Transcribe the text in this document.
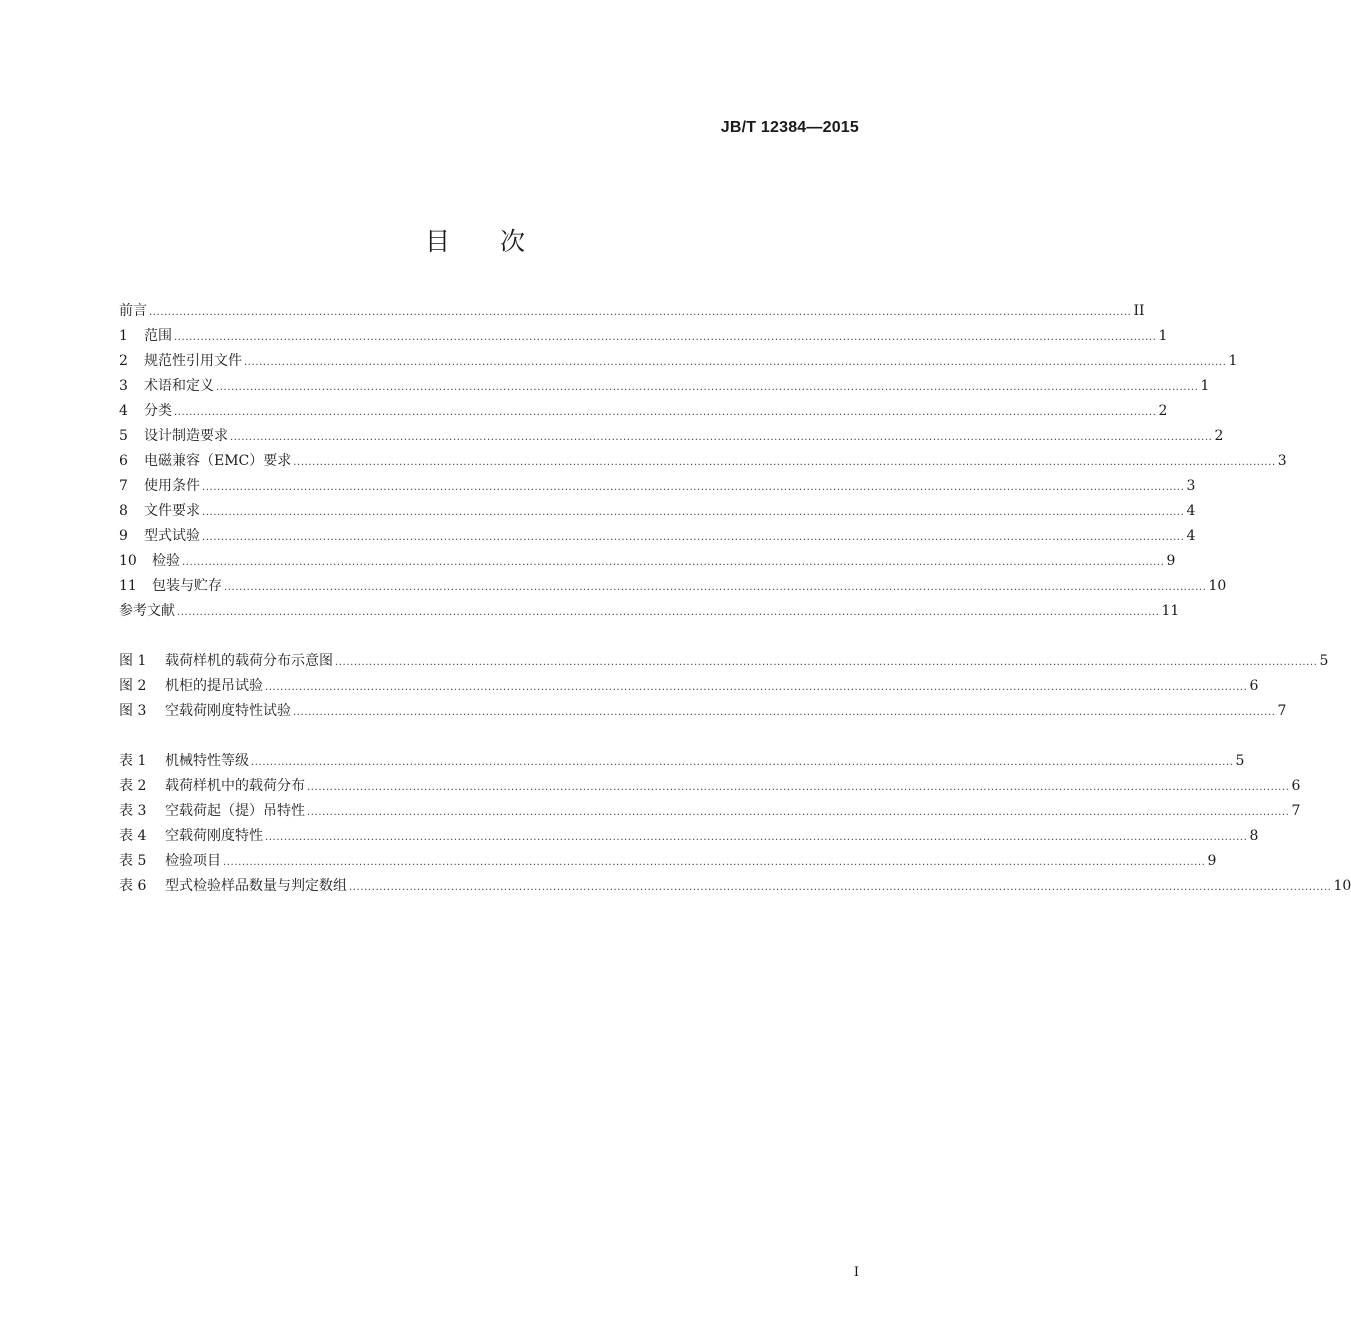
JB/T 12384—2015
目次
前言 .................................................................................................................................................................................................................................................................... II
1	范围 .................................................................................................................................................................................................................................................................... 1
2	规范性引用文件 .................................................................................................................................................................................................................................................................... 1
3	术语和定义 .................................................................................................................................................................................................................................................................... 1
4	分类 .................................................................................................................................................................................................................................................................... 2
5	设计制造要求 .................................................................................................................................................................................................................................................................... 2
6	电磁兼容（EMC）要求 .................................................................................................................................................................................................................................................................... 3
7	使用条件 .................................................................................................................................................................................................................................................................... 3
8	文件要求 .................................................................................................................................................................................................................................................................... 4
9	型式试验 .................................................................................................................................................................................................................................................................... 4
10	检验 .................................................................................................................................................................................................................................................................... 9
11	包装与贮存 .................................................................................................................................................................................................................................................................... 10
参考文献 .................................................................................................................................................................................................................................................................... 11
图 1	载荷样机的载荷分布示意图 .................................................................................................................................................................................................................................................................... 5
图 2	机柜的提吊试验 .................................................................................................................................................................................................................................................................... 6
图 3	空载荷刚度特性试验 .................................................................................................................................................................................................................................................................... 7
表 1	机械特性等级 .................................................................................................................................................................................................................................................................... 5
表 2	载荷样机中的载荷分布 .................................................................................................................................................................................................................................................................... 6
表 3	空载荷起（提）吊特性 .................................................................................................................................................................................................................................................................... 7
表 4	空载荷刚度特性 .................................................................................................................................................................................................................................................................... 8
表 5	检验项目 .................................................................................................................................................................................................................................................................... 9
表 6	型式检验样品数量与判定数组 .................................................................................................................................................................................................................................................................... 10
I
